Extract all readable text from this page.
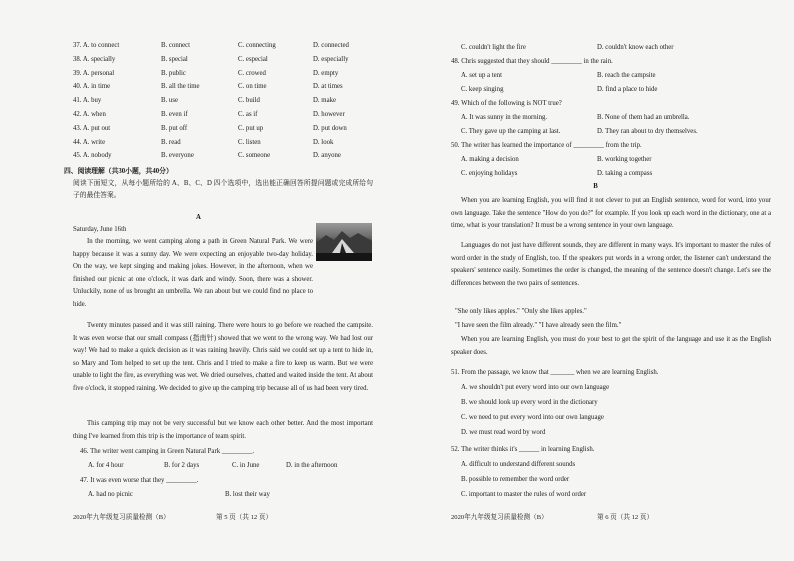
37. A. to connect	B. connect	C. connecting	D. connected
38. A. specially	B. special	C. especial	D. especially
39. A. personal	B. public	C. crowed	D. empty
40. A. in time	B. all the time	C. on time	D. at times
41. A. buy	B. use	C. build	D. make
42. A. when	B. even if	C. as if	D. however
43. A. put out	B. put off	C. put up	D. put down
44. A. write	B. read	C. listen	D. look
45. A. nobody	B. everyone	C. someone	D. anyone
四、阅读理解（共30小题，共40分）
阅读下面短文，从每小题所给的 A、B、C、D 四个选项中，选出能正确回答所提问题或完成所给句子的最佳答案。
A
Saturday, June 16th
In the morning, we went camping along a path in Green Natural Park. We were happy because it was a sunny day. We were expecting an enjoyable two-day holiday. On the way, we kept singing and making jokes. However, in the afternoon, when we finished our picnic at one o'clock, it was dark and windy. Soon, there was a shower. Unluckily, none of us brought an umbrella. We ran about but we could find no place to hide.
Twenty minutes passed and it was still raining. There were hours to go before we reached the campsite. It was even worse that our small compass (指南针) showed that we went to the wrong way. We had lost our way! We had to make a quick decision as it was raining heavily. Chris said we could set up a tent to hide in, so Mary and Tom helped to set up the tent. Chris and I tried to make a fire to keep us warm. But we were unable to light the fire, as everything was wet. We dried ourselves, chatted and waited inside the tent. At about five o'clock, it stopped raining. We decided to give up the camping trip because all of us had been very tired.
This camping trip may not be very successful but we know each other better. And the most important thing I've learned from this trip is the importance of team spirit.
46. The writer went camping in Green Natural Park _________.
A. for 4 hour	B. for 2 days	C. in June	D. in the afternoon
47. It was even worse that they _________.
A. had no picnic	B. lost their way
2020年九年级复习质量检测（B）	第 5 页（共 12 页）
C. couldn't light the fire	D. couldn't know each other
48. Chris suggested that they should _________ in the rain.
A. set up a tent	B. reach the campsite
C. keep singing	D. find a place to hide
49. Which of the following is NOT true?
A. It was sunny in the morning.	B. None of them had an umbrella.
C. They gave up the camping at last.	D. They ran about to dry themselves.
50. The writer has learned the importance of _________ from the trip.
A. making a decision	B. working together
C. enjoying holidays	D. taking a compass
B
When you are learning English, you will find it not clever to put an English sentence, word for word, into your own language. Take the sentence "How do you do?" for example. If you look up each word in the dictionary, one at a time, what is your translation? It must be a wrong sentence in your own language.
Languages do not just have different sounds, they are different in many ways. It's important to master the rules of word order in the study of English, too. If the speakers put words in a wrong order, the listener can't understand the speakers' sentence easily. Sometimes the order is changed, the meaning of the sentence doesn't change. Let's see the differences between the two pairs of sentences.
"She only likes apples." "Only she likes apples."
"I have seen the film already." "I have already seen the film."
When you are learning English, you must do your best to get the spirit of the language and use it as the English speaker does.
51. From the passage, we know that _______ when we are learning English.
A. we shouldn't put every word into our own language
B. we should look up every word in the dictionary
C. we need to put every word into our own language
D. we must read word by word
52. The writer thinks it's ______ in learning English.
A. difficult to understand different sounds
B. possible to remember the word order
C. important to master the rules of word order
2020年九年级复习质量检测（B）	第 6 页（共 12 页）
